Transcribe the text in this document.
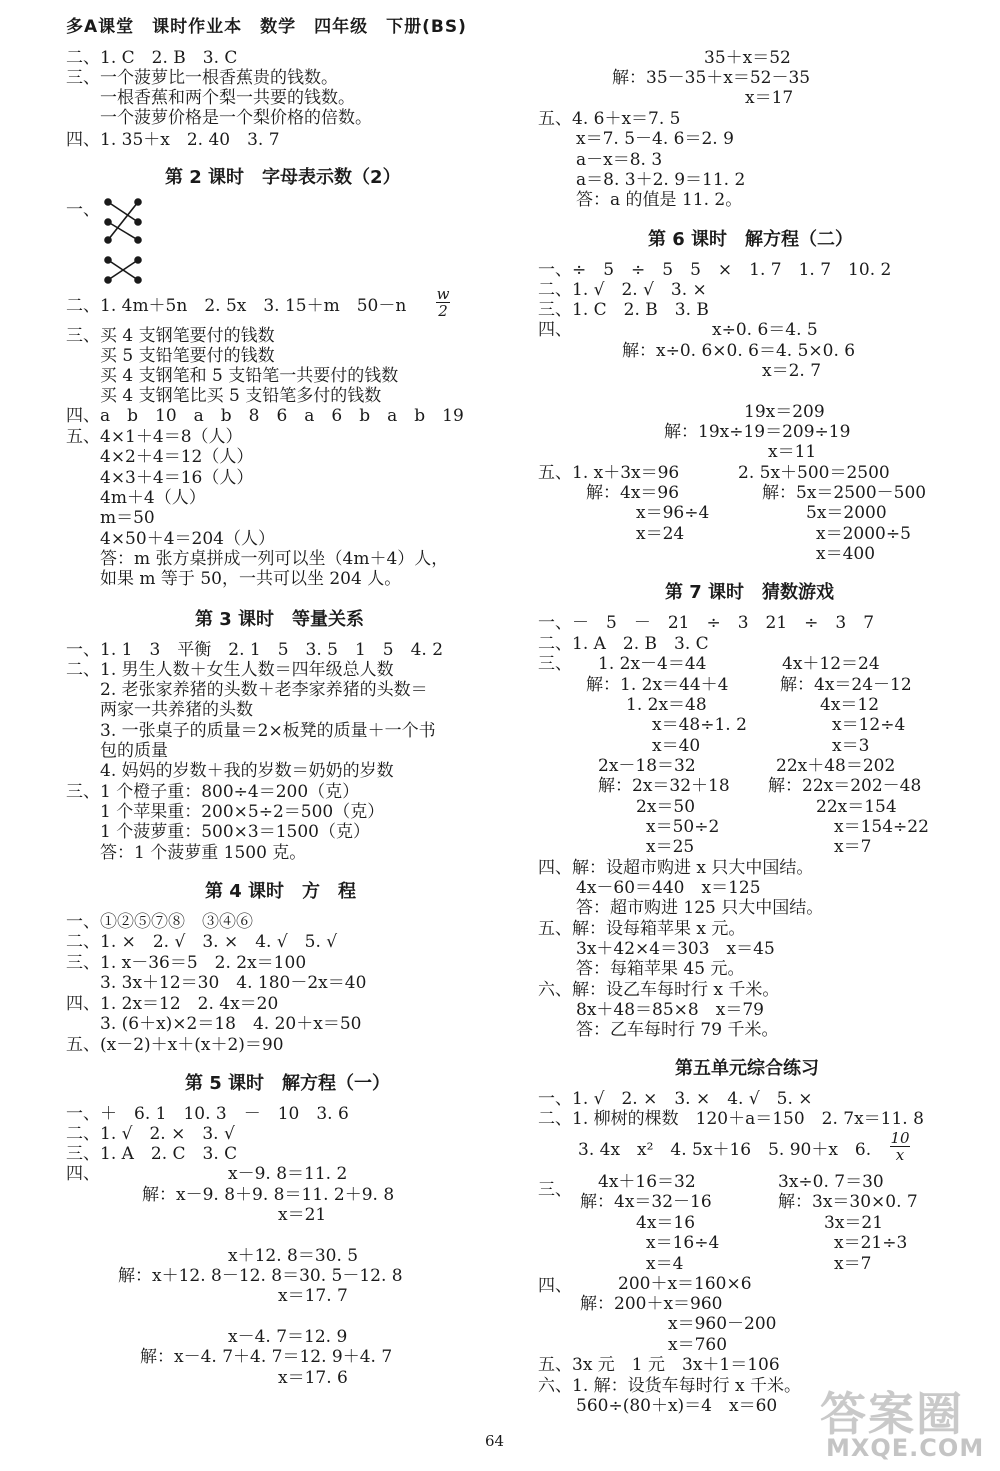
多A课堂　课时作业本　数学　四年级　下册(BS)
二、1. C　2. B　3. C
三、一个菠萝比一根香蕉贵的钱数。
　　一根香蕉和两个梨一共要的钱数。
　　一个菠萝价格是一个梨价格的倍数。
四、1. 35＋x　2. 40　3. 7
第 2 课时　字母表示数（2）
一、
二、1. 4m＋5n　2. 5x　3. 15＋m　50－n
w
2
三、买 4 支钢笔要付的钱数
　　买 5 支铅笔要付的钱数
　　买 4 支钢笔和 5 支铅笔一共要付的钱数
　　买 4 支钢笔比买 5 支铅笔多付的钱数
四、a　b　10　a　b　8　6　a　6　b　a　b　19
五、4×1＋4＝8（人）
　　4×2＋4＝12（人）
　　4×3＋4＝16（人）
　　4m＋4（人）
　　m＝50
　　4×50＋4＝204（人）
　　答：m 张方桌拼成一列可以坐（4m＋4）人，
　　如果 m 等于 50，一共可以坐 204 人。
第 3 课时　等量关系
一、1. 1　3　平衡　2. 1　5　3. 5　1　5　4. 2
二、1. 男生人数＋女生人数＝四年级总人数
　　2. 老张家养猪的头数＋老李家养猪的头数＝
　　两家一共养猪的头数
　　3. 一张桌子的质量＝2×板凳的质量＋一个书
　　包的质量
　　4. 妈妈的岁数＋我的岁数＝奶奶的岁数
三、1 个橙子重：800÷4＝200（克）
　　1 个苹果重：200×5÷2＝500（克）
　　1 个菠萝重：500×3＝1500（克）
　　答：1 个菠萝重 1500 克。
第 4 课时　方　程
一、①②⑤⑦⑧　③④⑥
二、1. ×　2. √　3. ×　4. √　5. √
三、1. x－36＝5　2. 2x＝100
　　3. 3x＋12＝30　4. 180－2x＝40
四、1. 2x＝12　2. 4x＝20
　　3. (6＋x)×2＝18　4. 20＋x＝50
五、(x－2)＋x＋(x＋2)＝90
第 5 课时　解方程（一）
一、＋　6. 1　10. 3　－　10　3. 6
二、1. √　2. ×　3. √
三、1. A　2. C　3. C
四、	x－9. 8＝11. 2
解：x－9. 8＋9. 8＝11. 2＋9. 8
x＝21
x＋12. 8＝30. 5
解：x＋12. 8－12. 8＝30. 5－12. 8
x＝17. 7
x－4. 7＝12. 9
解：x－4. 7＋4. 7＝12. 9＋4. 7
x＝17. 6
35＋x＝52
解：35－35＋x＝52－35
x＝17
五、4. 6＋x＝7. 5
x＝7. 5－4. 6＝2. 9
a－x＝8. 3
a＝8. 3＋2. 9＝11. 2
答：a 的值是 11. 2。
第 6 课时　解方程（二）
一、÷　5　÷　5　5　×　1. 7　1. 7　10. 2
二、1. √　2. √　3. ×
三、1. C　2. B　3. B
四、	x÷0. 6＝4. 5
解：x÷0. 6×0. 6＝4. 5×0. 6
x＝2. 7
19x＝209
解：19x÷19＝209÷19
x＝11
五、1. x＋3x＝96
解：4x＝96
x＝96÷4
x＝24
2. 5x＋500＝2500
解：5x＝2500－500
5x＝2000
x＝2000÷5
x＝400
第 7 课时　猜数游戏
一、－　5　－　21　÷　3　21　÷　3　7
二、1. A　2. B　3. C
三、 1. 2x－4＝44
解：1. 2x＝44＋4
1. 2x＝48
x＝48÷1. 2
x＝40
2x－18＝32
解：2x＝32＋18
2x＝50
x＝50÷2
x＝25
4x＋12＝24
解：4x＝24－12
4x＝12
x＝12÷4
x＝3
22x＋48＝202
解：22x＝202－48
22x＝154
x＝154÷22
x＝7
四、解：设超市购进 x 只大中国结。
4x－60＝440　x＝125
答：超市购进 125 只大中国结。
五、解：设每箱苹果 x 元。
3x＋42×4＝303　x＝45
答：每箱苹果 45 元。
六、解：设乙车每时行 x 千米。
8x＋48＝85×8　x＝79
答：乙车每时行 79 千米。
第五单元综合练习
一、1. √　2. ×　3. ×　4. √　5. ×
二、1. 柳树的棵数　120＋a＝150　2. 7x＝11. 8
3. 4x　x²　4. 5x＋16　5. 90＋x　6.
10
x
三、 4x＋16＝32
解：4x＝32－16
4x＝16
x＝16÷4
x＝4
3x÷0. 7＝30
解：3x＝30×0. 7
3x＝21
x＝21÷3
x＝7
四、	200＋x＝160×6
解：200＋x＝960
x＝960－200
x＝760
五、3x 元　1 元　3x＋1＝106
六、1. 解：设货车每时行 x 千米。
560÷(80＋x)＝4　x＝60
64	答案圈
MXQE.COM
